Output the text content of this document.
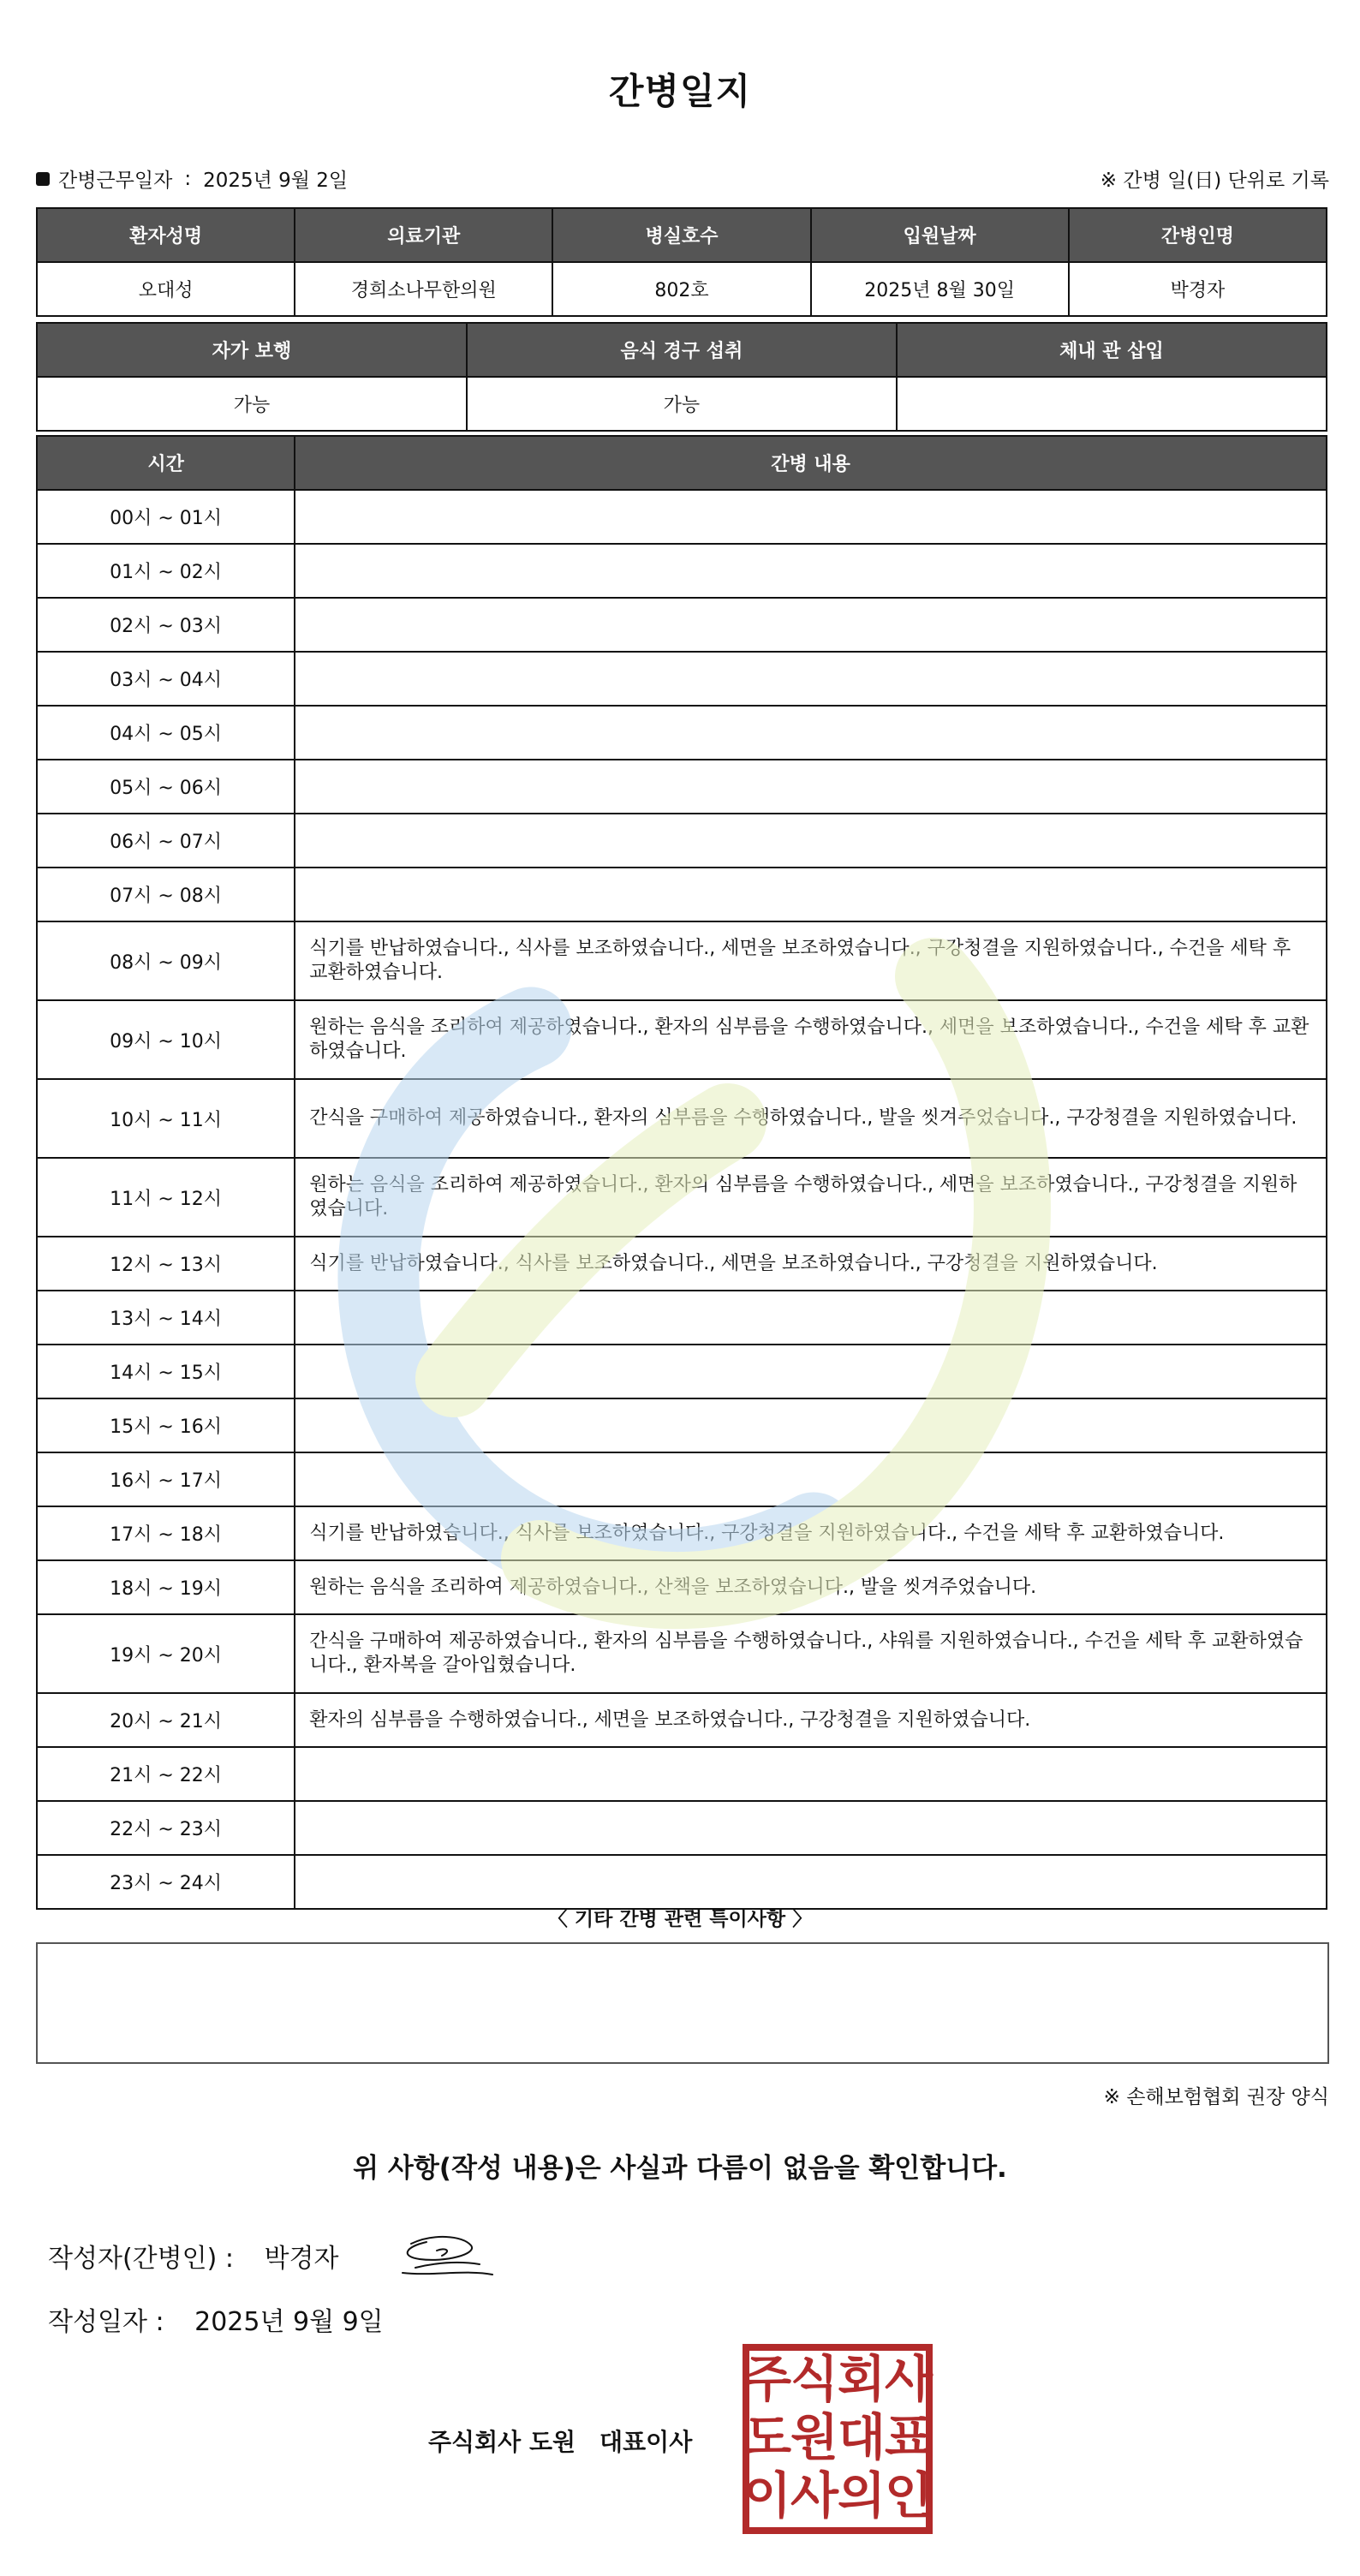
간병일지
간병근무일자 : 2025년 9월 2일	※ 간병 일(日) 단위로 기록
환자성명	의료기관	병실호수	입원날짜	간병인명
오대성	경희소나무한의원	802호	2025년 8월 30일	박경자
자가 보행	음식 경구 섭취	체내 관 삽입
가능	가능	
시간	간병 내용
00시 ~ 01시	
01시 ~ 02시	
02시 ~ 03시	
03시 ~ 04시	
04시 ~ 05시	
05시 ~ 06시	
06시 ~ 07시	
07시 ~ 08시	
08시 ~ 09시	식기를 반납하였습니다., 식사를 보조하였습니다., 세면을 보조하였습니다., 구강청결을 지원하였습니다., 수건을 세탁 후 교환하였습니다.
09시 ~ 10시	원하는 음식을 조리하여 제공하였습니다., 환자의 심부름을 수행하였습니다., 세면을 보조하였습니다., 수건을 세탁 후 교환하였습니다.
10시 ~ 11시	간식을 구매하여 제공하였습니다., 환자의 심부름을 수행하였습니다., 발을 씻겨주었습니다., 구강청결을 지원하였습니다.
11시 ~ 12시	원하는 음식을 조리하여 제공하였습니다., 환자의 심부름을 수행하였습니다., 세면을 보조하였습니다., 구강청결을 지원하였습니다.
12시 ~ 13시	식기를 반납하였습니다., 식사를 보조하였습니다., 세면을 보조하였습니다., 구강청결을 지원하였습니다.
13시 ~ 14시	
14시 ~ 15시	
15시 ~ 16시	
16시 ~ 17시	
17시 ~ 18시	식기를 반납하였습니다., 식사를 보조하였습니다., 구강청결을 지원하였습니다., 수건을 세탁 후 교환하였습니다.
18시 ~ 19시	원하는 음식을 조리하여 제공하였습니다., 산책을 보조하였습니다., 발을 씻겨주었습니다.
19시 ~ 20시	간식을 구매하여 제공하였습니다., 환자의 심부름을 수행하였습니다., 샤워를 지원하였습니다., 수건을 세탁 후 교환하였습니다., 환자복을 갈아입혔습니다.
20시 ~ 21시	환자의 심부름을 수행하였습니다., 세면을 보조하였습니다., 구강청결을 지원하였습니다.
21시 ~ 22시	
22시 ~ 23시	
23시 ~ 24시	
〈 기타 간병 관련 특이사항 〉
※ 손해보험협회 권장 양식
위 사항(작성 내용)은 사실과 다름이 없음을 확인합니다.
작성자(간병인) : 박경자
작성일자 : 2025년 9월 9일
주식회사 도원 대표이사
주
식
회
사
도
원
대
표
이
사
의
인
